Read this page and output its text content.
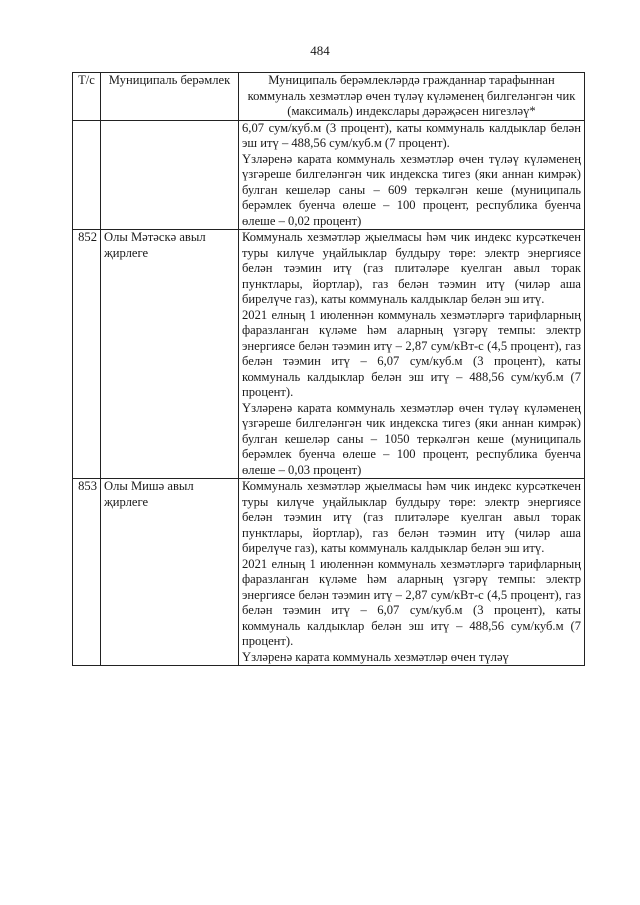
484
Т/с	Муниципаль берәмлек	Муниципаль берәмлекләрдә гражданнар тарафыннан коммуналь хезмәтләр өчен түләү күләменең билгеләнгән чик (максималь) индекслары дәрәҗәсен нигезләү*

		6,07 сум/куб.м (3 процент), каты коммуналь калдыклар белән эш итү – 488,56 сум/куб.м (7 процент).

Үзләренә карата коммуналь хезмәтләр өчен түләү күләменең үзгәреше билгеләнгән чик индекска тигез (яки аннан кимрәк) булган кешеләр саны – 609 теркәлгән кеше (муниципаль берәмлек буенча өлеше – 100 процент, республика буенча өлеше – 0,02 процент)

852	Олы Мәтәскә авыл җирлеге	Коммуналь хезмәтләр җыелмасы һәм чик индекс курсәткечен туры килүче уңайлыклар булдыру төре: электр энергиясе белән тәэмин итү (газ плитәләре куелган авыл торак пунктлары, йортлар), газ белән тәэмин итү (чиләр аша бирелүче газ), каты коммуналь калдыклар белән эш итү.

2021 елның 1 июленнән коммуналь хезмәтләргә тарифларның фаразланган күләме һәм аларның үзгәрү темпы: электр энергиясе белән тәэмин итү – 2,87 сум/кВт-с (4,5 процент), газ белән тәэмин итү – 6,07 сум/куб.м (3 процент), каты коммуналь калдыклар белән эш итү – 488,56 сум/куб.м (7 процент).

Үзләренә карата коммуналь хезмәтләр өчен түләү күләменең үзгәреше билгеләнгән чик индекска тигез (яки аннан кимрәк) булган кешеләр саны – 1050 теркәлгән кеше (муниципаль берәмлек буенча өлеше – 100 процент, республика буенча өлеше – 0,03 процент)

853	Олы Мишә авыл җирлеге	Коммуналь хезмәтләр җыелмасы һәм чик индекс курсәткечен туры килүче уңайлыклар булдыру төре: электр энергиясе белән тәэмин итү (газ плитәләре куелган авыл торак пунктлары, йортлар), газ белән тәэмин итү (чиләр аша бирелүче газ), каты коммуналь калдыклар белән эш итү.

2021 елның 1 июленнән коммуналь хезмәтләргә тарифларның фаразланган күләме һәм аларның үзгәрү темпы: электр энергиясе белән тәэмин итү – 2,87 сум/кВт-с (4,5 процент), газ белән тәэмин итү – 6,07 сум/куб.м (3 процент), каты коммуналь калдыклар белән эш итү – 488,56 сум/куб.м (7 процент).

Үзләренә карата коммуналь хезмәтләр өчен түләү
